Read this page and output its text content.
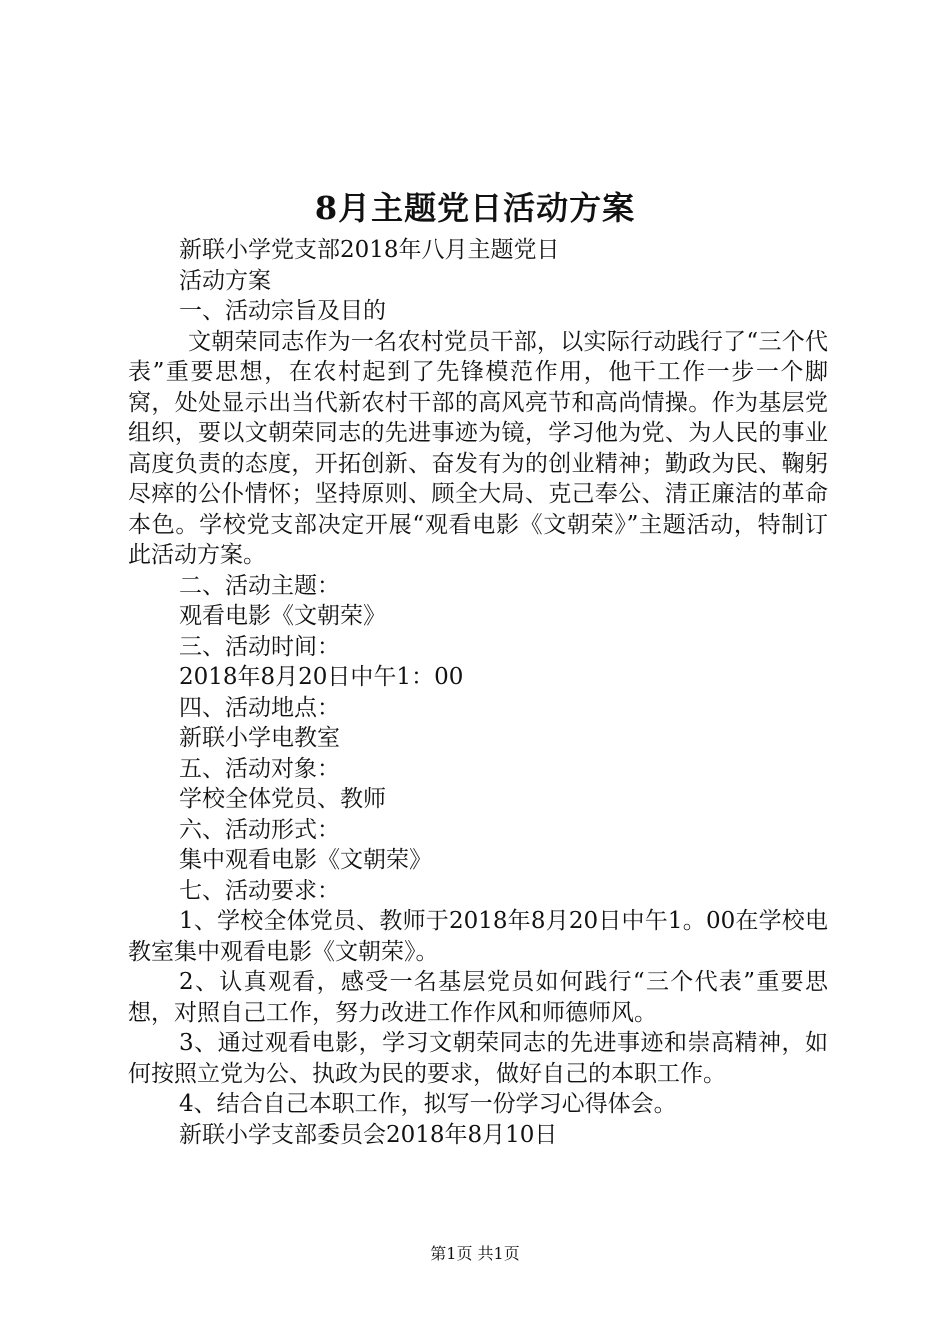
8月主题党日活动方案

新联小学党支部2018年八月主题党日

活动方案

一、活动宗旨及目的

文朝荣同志作为一名农村党员干部，以实际行动践行了“三个代表”重要思想，在农村起到了先锋模范作用，他干工作一步一个脚窝，处处显示出当代新农村干部的高风亮节和高尚情操。作为基层党组织，要以文朝荣同志的先进事迹为镜，学习他为党、为人民的事业高度负责的态度，开拓创新、奋发有为的创业精神；勤政为民、鞠躬尽瘁的公仆情怀；坚持原则、顾全大局、克己奉公、清正廉洁的革命本色。学校党支部决定开展“观看电影《文朝荣》”主题活动，特制订此活动方案。

二、活动主题：

观看电影《文朝荣》

三、活动时间：

2018年8月20日中午1：00

四、活动地点：

新联小学电教室

五、活动对象：

学校全体党员、教师

六、活动形式：

集中观看电影《文朝荣》

七、活动要求：

1、学校全体党员、教师于2018年8月20日中午1。00在学校电教室集中观看电影《文朝荣》。

2、认真观看，感受一名基层党员如何践行“三个代表”重要思想，对照自己工作，努力改进工作作风和师德师风。

3、通过观看电影，学习文朝荣同志的先进事迹和崇高精神，如何按照立党为公、执政为民的要求，做好自己的本职工作。

4、结合自己本职工作，拟写一份学习心得体会。

新联小学支部委员会2018年8月10日

第1页 共1页
